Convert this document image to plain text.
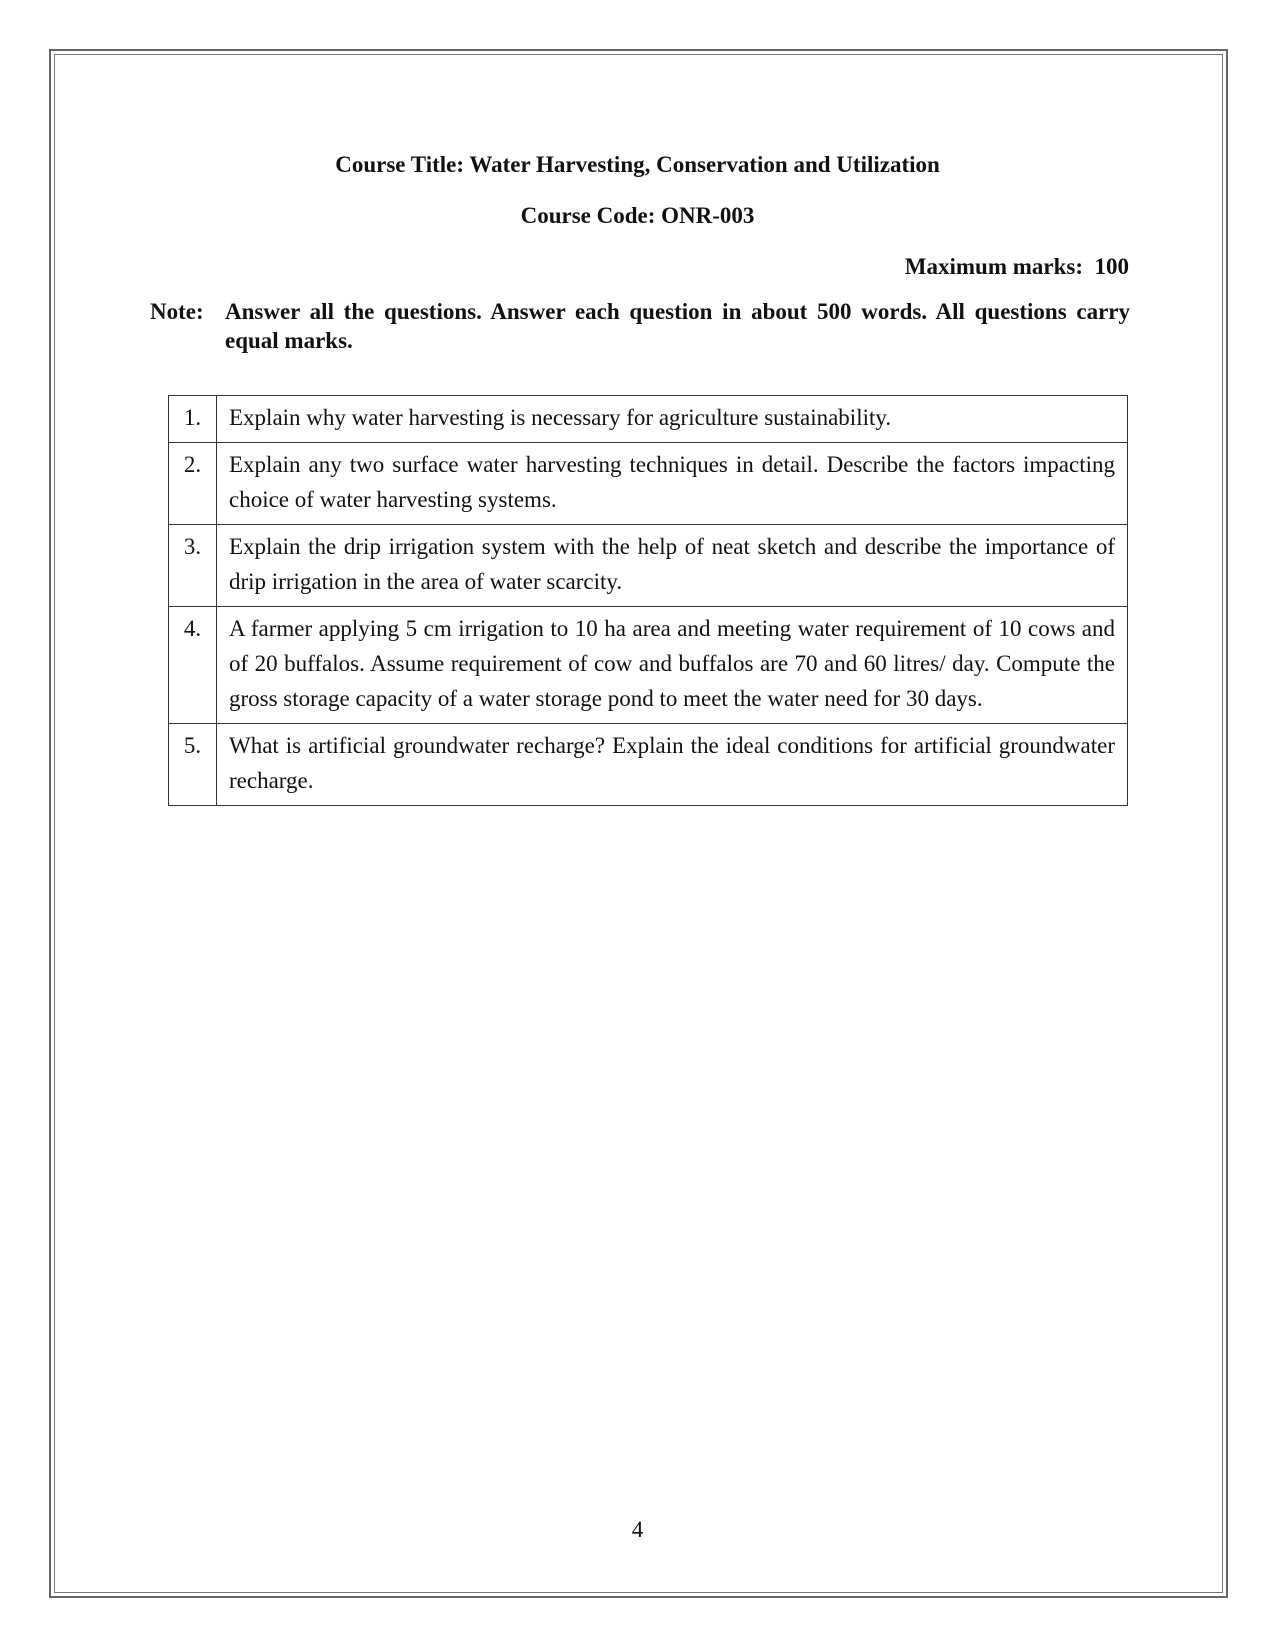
Course Title: Water Harvesting, Conservation and Utilization
Course Code: ONR-003
Maximum marks:  100
Note: Answer all the questions. Answer each question in about 500 words. All questions carry equal marks.
1.	Explain why water harvesting is necessary for agriculture sustainability.
2.	Explain any two surface water harvesting techniques in detail. Describe the factors impacting choice of water harvesting systems.
3.	Explain the drip irrigation system with the help of neat sketch and describe the importance of drip irrigation in the area of water scarcity.
4.	A farmer applying 5 cm irrigation to 10 ha area and meeting water requirement of 10 cows and of 20 buffalos. Assume requirement of cow and buffalos are 70 and 60 litres/ day. Compute the gross storage capacity of a water storage pond to meet the water need for 30 days.
5.	What is artificial groundwater recharge? Explain the ideal conditions for artificial groundwater recharge.
4
